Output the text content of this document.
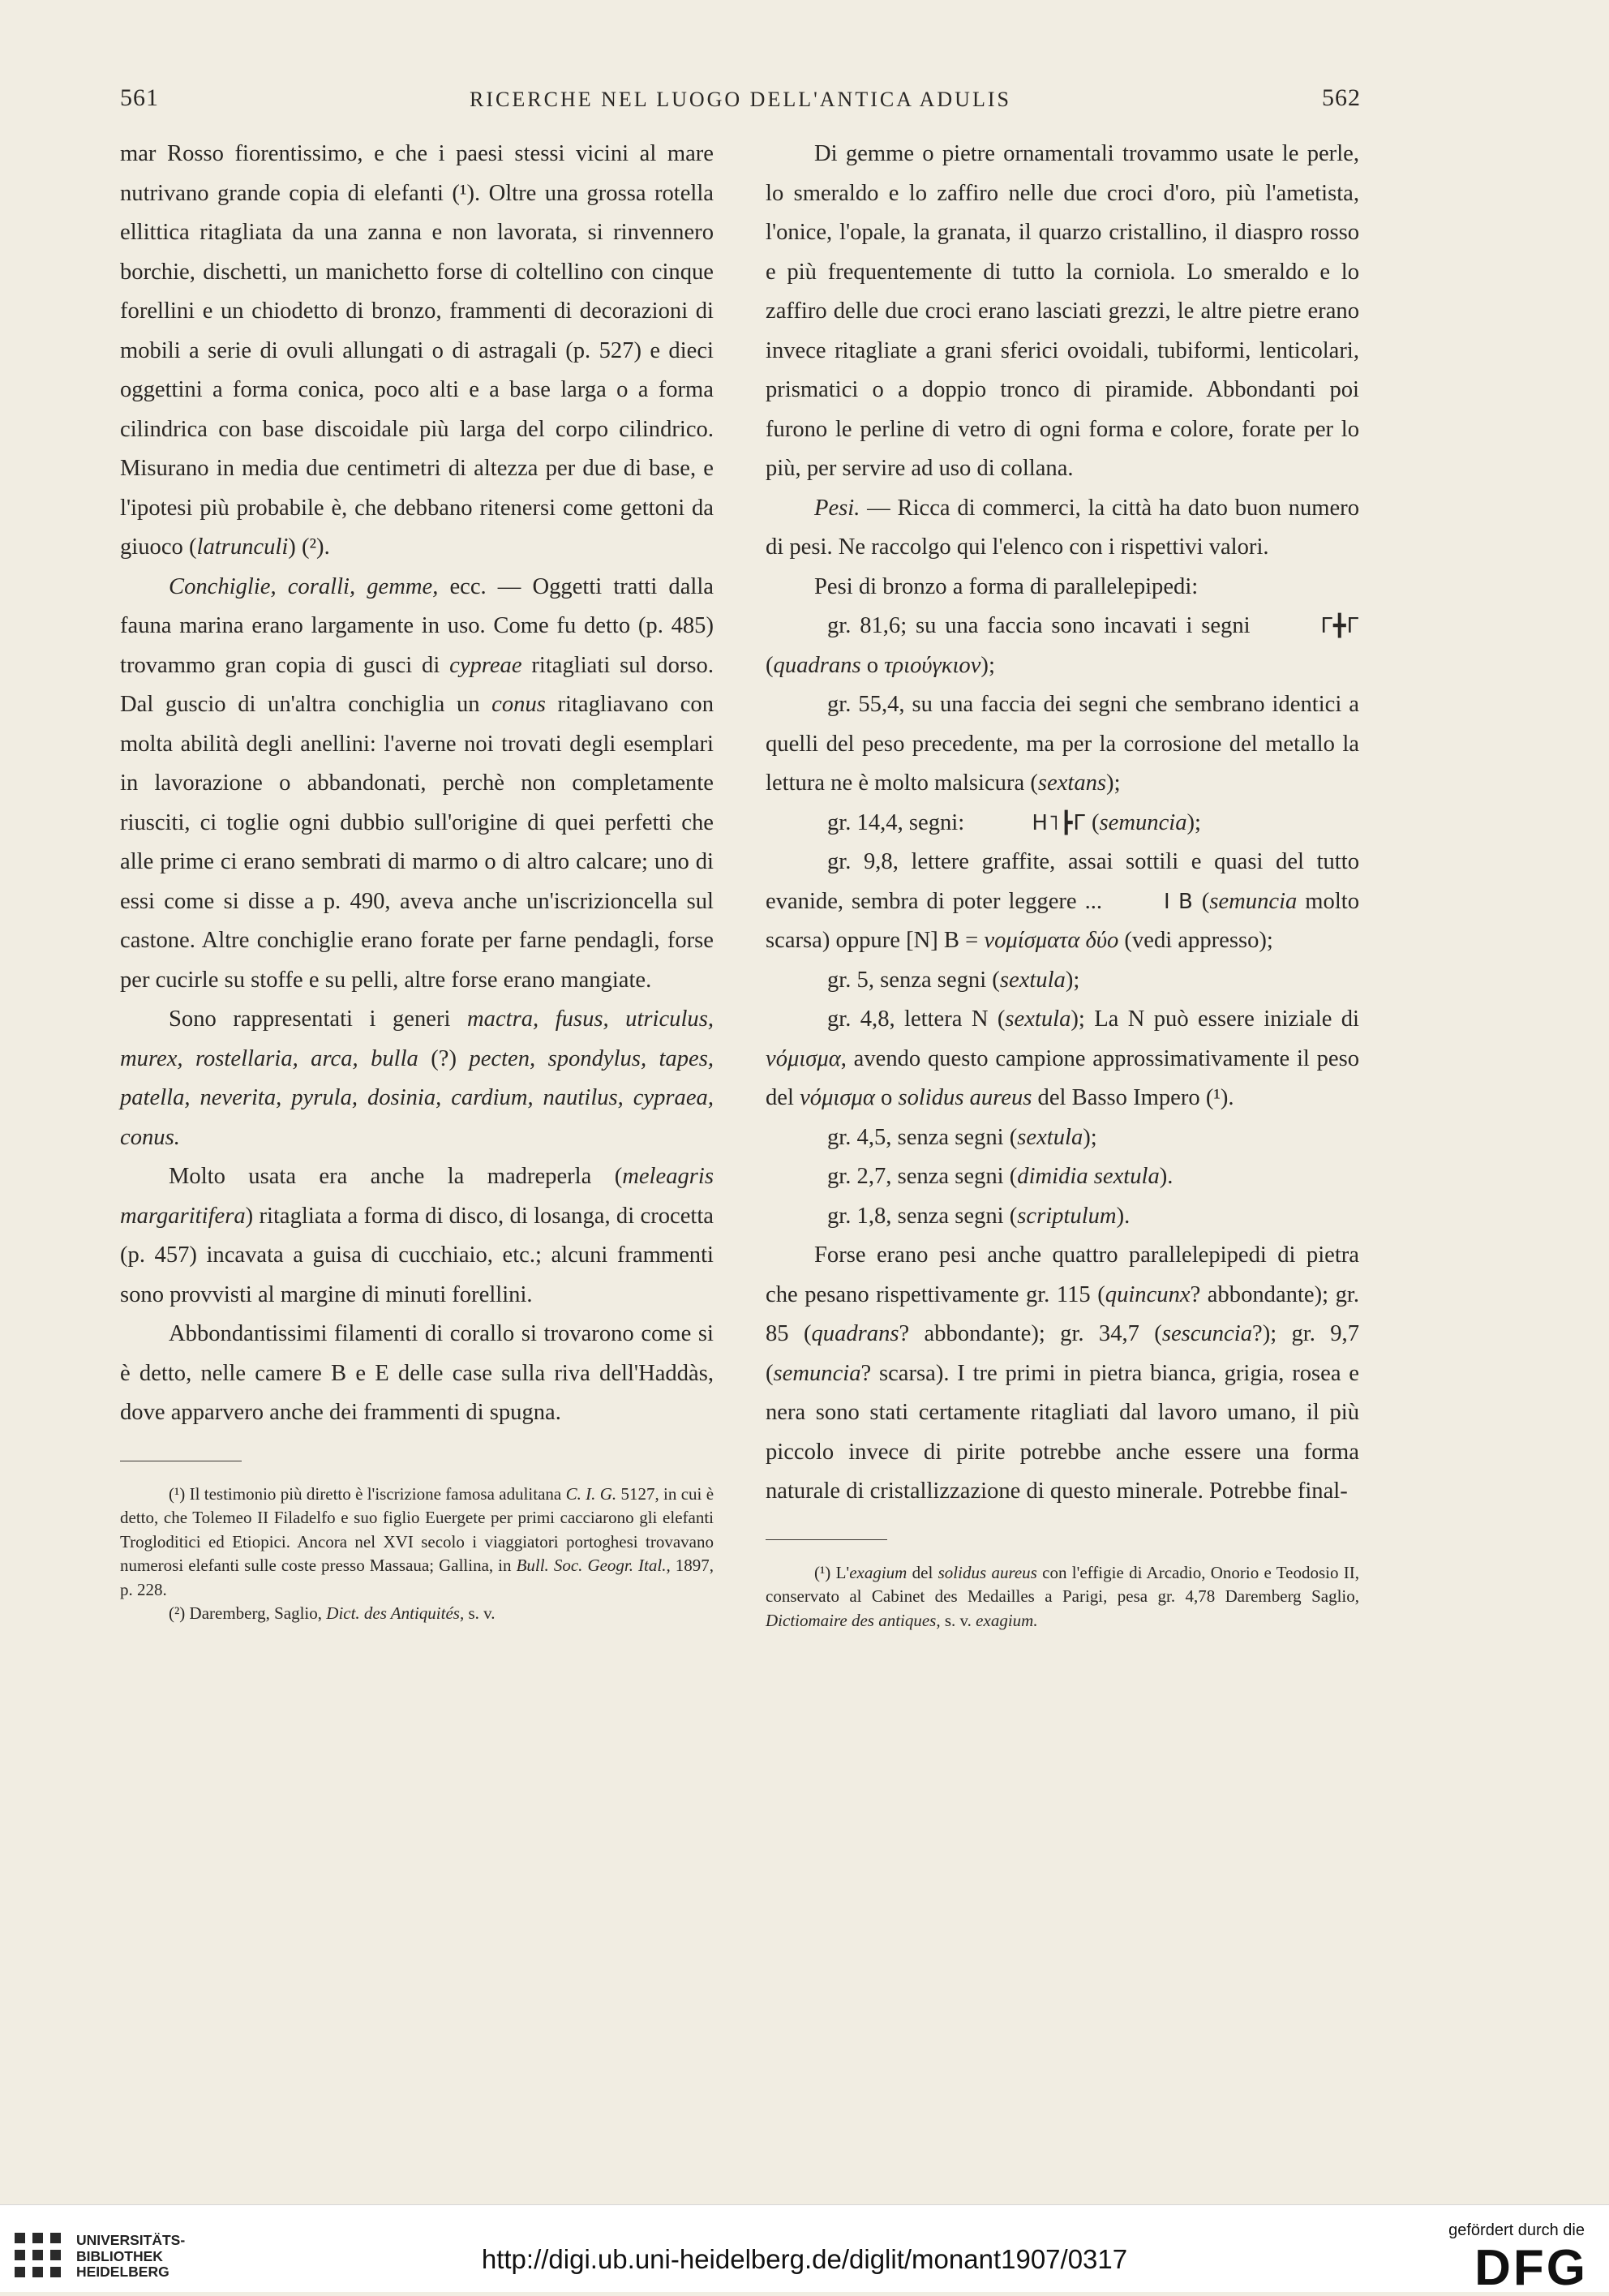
561	RICERCHE NEL LUOGO DELL'ANTICA ADULIS	562

mar Rosso fiorentissimo, e che i paesi stessi vicini al mare nutrivano grande copia di elefanti (¹). Oltre una grossa rotella ellittica ritagliata da una zanna e non lavorata, si rinvennero borchie, dischetti, un manichetto forse di coltellino con cinque forellini e un chiodetto di bronzo, frammenti di decorazioni di mobili a serie di ovuli allungati o di astragali (p. 527) e dieci oggettini a forma conica, poco alti e a base larga o a forma cilindrica con base discoidale più larga del corpo cilindrico. Misurano in media due centimetri di altezza per due di base, e l'ipotesi più probabile è, che debbano ritenersi come gettoni da giuoco (latrunculi) (²).

Conchiglie, coralli, gemme, ecc. — Oggetti tratti dalla fauna marina erano largamente in uso. Come fu detto (p. 485) trovammo gran copia di gusci di cypreae ritagliati sul dorso. Dal guscio di un'altra conchiglia un conus ritagliavano con molta abilità degli anellini: l'averne noi trovati degli esemplari in lavorazione o abbandonati, perchè non completamente riusciti, ci toglie ogni dubbio sull'origine di quei perfetti che alle prime ci erano sembrati di marmo o di altro calcare; uno di essi come si disse a p. 490, aveva anche un'iscrizioncella sul castone. Altre conchiglie erano forate per farne pendagli, forse per cucirle su stoffe e su pelli, altre forse erano mangiate.

Sono rappresentati i generi mactra, fusus, utriculus, murex, rostellaria, arca, bulla (?) pecten, spondylus, tapes, patella, neverita, pyrula, dosinia, cardium, nautilus, cypraea, conus.

Molto usata era anche la madreperla (meleagris margaritifera) ritagliata a forma di disco, di losanga, di crocetta (p. 457) incavata a guisa di cucchiaio, etc.; alcuni frammenti sono provvisti al margine di minuti forellini.

Abbondantissimi filamenti di corallo si trovarono come si è detto, nelle camere B e E delle case sulla riva dell'Haddàs, dove apparvero anche dei frammenti di spugna.

(¹) Il testimonio più diretto è l'iscrizione famosa adulitana C. I. G. 5127, in cui è detto, che Tolemeo II Filadelfo e suo figlio Euergete per primi cacciarono gli elefanti Trogloditici ed Etiopici. Ancora nel XVI secolo i viaggiatori portoghesi trovavano numerosi elefanti sulle coste presso Massaua; Gallina, in Bull. Soc. Geogr. Ital., 1897, p. 228.

(²) Daremberg, Saglio, Dict. des Antiquités, s. v.

Di gemme o pietre ornamentali trovammo usate le perle, lo smeraldo e lo zaffiro nelle due croci d'oro, più l'ametista, l'onice, l'opale, la granata, il quarzo cristallino, il diaspro rosso e più frequentemente di tutto la corniola. Lo smeraldo e lo zaffiro delle due croci erano lasciati grezzi, le altre pietre erano invece ritagliate a grani sferici ovoidali, tubiformi, lenticolari, prismatici o a doppio tronco di piramide. Abbondanti poi furono le perline di vetro di ogni forma e colore, forate per lo più, per servire ad uso di collana.

Pesi. — Ricca di commerci, la città ha dato buon numero di pesi. Ne raccolgo qui l'elenco con i rispettivi valori.

Pesi di bronzo a forma di parallelepipedi:

gr. 81,6; su una faccia sono incavati i segni	Γ╋Γ (quadrans o τριούγκιον);

gr. 55,4, su una faccia dei segni che sembrano identici a quelli del peso precedente, ma per la corrosione del metallo la lettura ne è molto malsicura (sextans);

gr. 14,4, segni:	H˥┣Γ (semuncia);

gr. 9,8, lettere graffite, assai sottili e quasi del tutto evanide, sembra di poter leggere ...	I B (semuncia molto scarsa) oppure [N] B = νομίσματα δύο (vedi appresso);

gr. 5, senza segni (sextula);

gr. 4,8, lettera N (sextula); La N può essere iniziale di νόμισμα, avendo questo campione approssimativamente il peso del νόμισμα o solidus aureus del Basso Impero (¹).

gr. 4,5, senza segni (sextula);

gr. 2,7, senza segni (dimidia sextula).

gr. 1,8, senza segni (scriptulum).

Forse erano pesi anche quattro parallelepipedi di pietra che pesano rispettivamente gr. 115 (quincunx? abbondante); gr. 85 (quadrans? abbondante); gr. 34,7 (sescuncia?); gr. 9,7 (semuncia? scarsa). I tre primi in pietra bianca, grigia, rosea e nera sono stati certamente ritagliati dal lavoro umano, il più piccolo invece di pirite potrebbe anche essere una forma naturale di cristallizzazione di questo minerale. Potrebbe final-

(¹) L'exagium del solidus aureus con l'effigie di Arcadio, Onorio e Teodosio II, conservato al Cabinet des Medailles a Parigi, pesa gr. 4,78 Daremberg Saglio, Dictiomaire des antiques, s. v. exagium.

UNIVERSITÄTS-
BIBLIOTHEK
HEIDELBERG	http://digi.ub.uni-heidelberg.de/diglit/monant1907/0317
gefördert durch die
DFG
